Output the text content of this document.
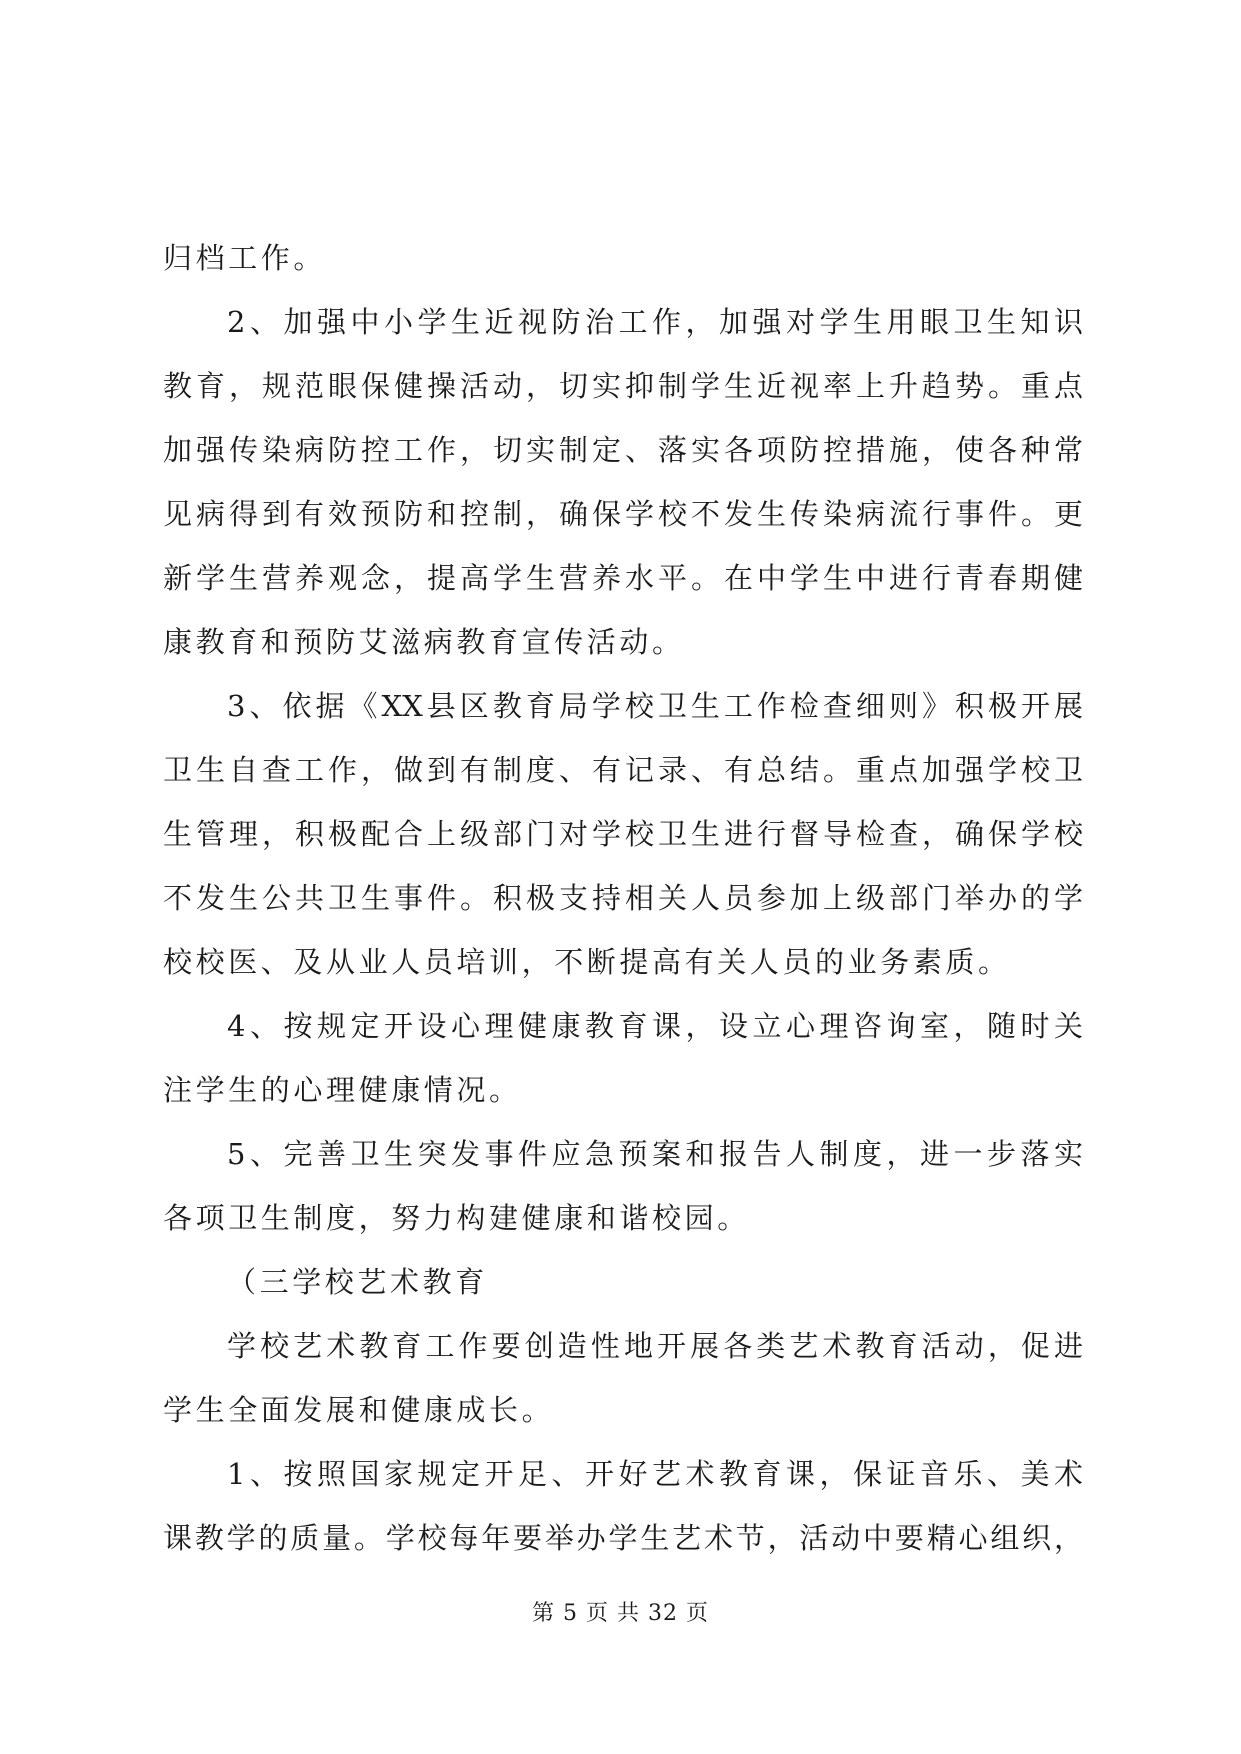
归档工作。
2、加强中小学生近视防治工作，加强对学生用眼卫生知识
教育，规范眼保健操活动，切实抑制学生近视率上升趋势。重点
加强传染病防控工作，切实制定、落实各项防控措施，使各种常
见病得到有效预防和控制，确保学校不发生传染病流行事件。更
新学生营养观念，提高学生营养水平。在中学生中进行青春期健
康教育和预防艾滋病教育宣传活动。
3、依据《XX县区教育局学校卫生工作检查细则》积极开展
卫生自查工作，做到有制度、有记录、有总结。重点加强学校卫
生管理，积极配合上级部门对学校卫生进行督导检查，确保学校
不发生公共卫生事件。积极支持相关人员参加上级部门举办的学
校校医、及从业人员培训，不断提高有关人员的业务素质。
4、按规定开设心理健康教育课，设立心理咨询室，随时关
注学生的心理健康情况。
5、完善卫生突发事件应急预案和报告人制度，进一步落实
各项卫生制度，努力构建健康和谐校园。
（三学校艺术教育
学校艺术教育工作要创造性地开展各类艺术教育活动，促进
学生全面发展和健康成长。
1、按照国家规定开足、开好艺术教育课，保证音乐、美术
课教学的质量。学校每年要举办学生艺术节，活动中要精心组织，
第 5 页 共 32 页
